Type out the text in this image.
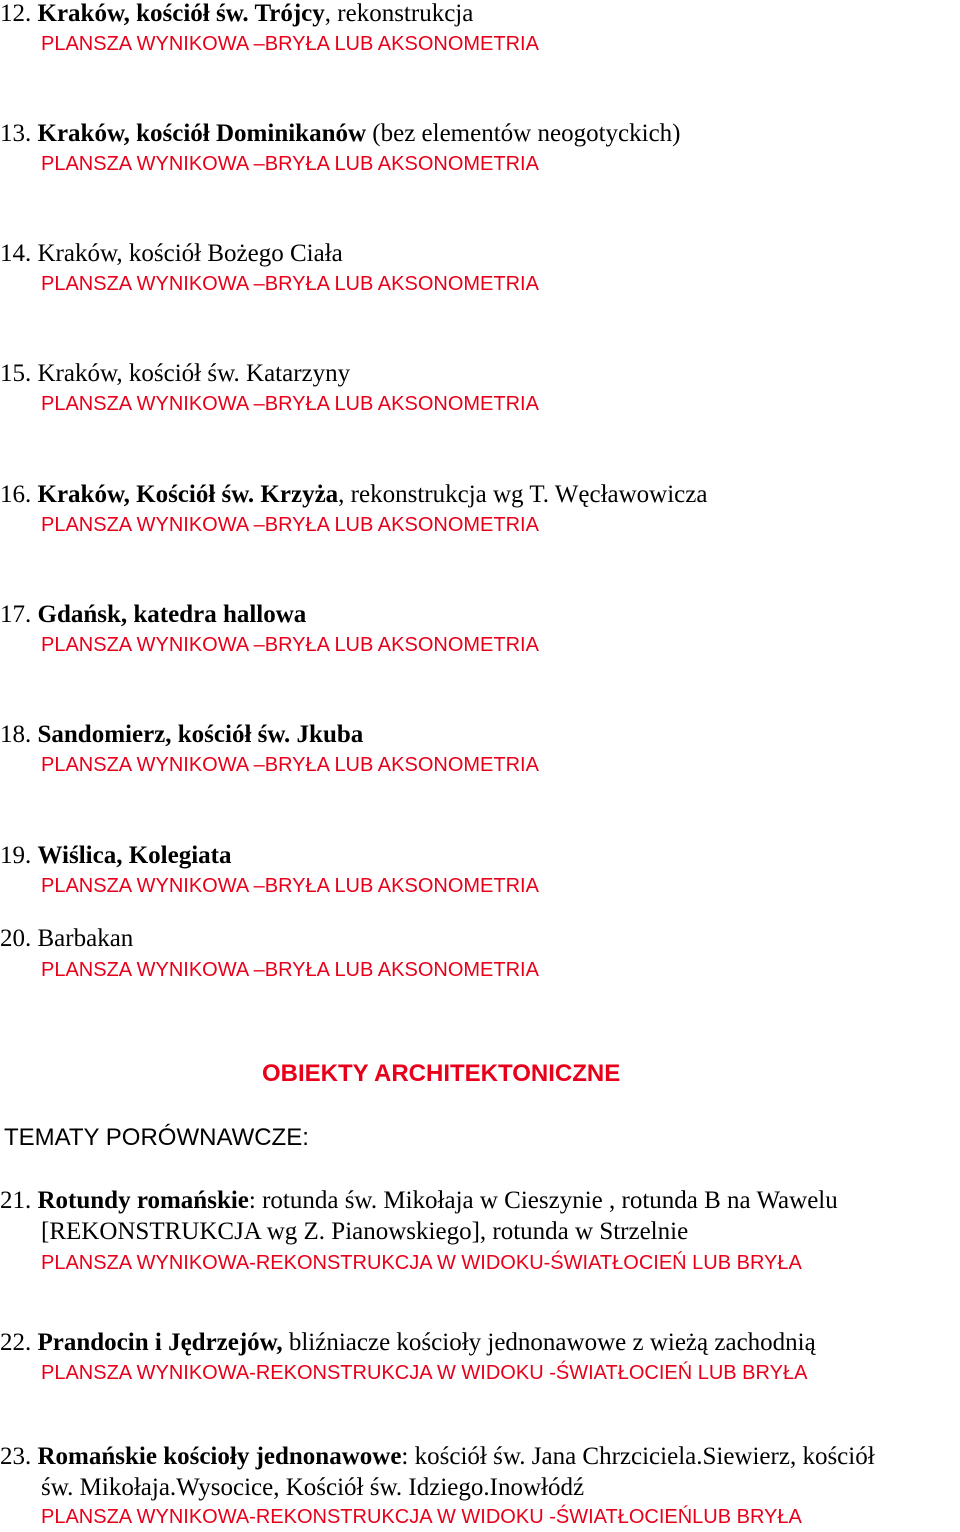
12. Kraków, kościół św. Trójcy, rekonstrukcja
PLANSZA WYNIKOWA –BRYŁA LUB AKSONOMETRIA
13. Kraków, kościół Dominikanów (bez elementów neogotyckich)
PLANSZA WYNIKOWA –BRYŁA LUB AKSONOMETRIA
14. Kraków, kościół Bożego Ciała
PLANSZA WYNIKOWA –BRYŁA LUB AKSONOMETRIA
15. Kraków, kościół św. Katarzyny
PLANSZA WYNIKOWA –BRYŁA LUB AKSONOMETRIA
16. Kraków, Kościół św. Krzyża, rekonstrukcja wg T. Węcławowicza
PLANSZA WYNIKOWA –BRYŁA LUB AKSONOMETRIA
17. Gdańsk, katedra hallowa
PLANSZA WYNIKOWA –BRYŁA LUB AKSONOMETRIA
18. Sandomierz, kościół św. Jkuba
PLANSZA WYNIKOWA –BRYŁA LUB AKSONOMETRIA
19. Wiślica, Kolegiata
PLANSZA WYNIKOWA –BRYŁA LUB AKSONOMETRIA
20. Barbakan
PLANSZA WYNIKOWA –BRYŁA LUB AKSONOMETRIA
OBIEKTY ARCHITEKTONICZNE
TEMATY PORÓWNAWCZE:
21. Rotundy romańskie: rotunda św. Mikołaja w Cieszynie , rotunda B na Wawelu
[REKONSTRUKCJA wg Z. Pianowskiego], rotunda w Strzelnie
PLANSZA WYNIKOWA-REKONSTRUKCJA W WIDOKU-ŚWIATŁOCIEŃ LUB BRYŁA
22. Prandocin i Jędrzejów, bliźniacze kościoły jednonawowe z wieżą zachodnią
PLANSZA WYNIKOWA-REKONSTRUKCJA W WIDOKU -ŚWIATŁOCIEŃ LUB BRYŁA
23. Romańskie kościoły jednonawowe: kościół św. Jana Chrzciciela.Siewierz, kościół
św. Mikołaja.Wysocice, Kościół św. Idziego.Inowłódź
PLANSZA WYNIKOWA-REKONSTRUKCJA W WIDOKU -ŚWIATŁOCIEŃLUB BRYŁA
